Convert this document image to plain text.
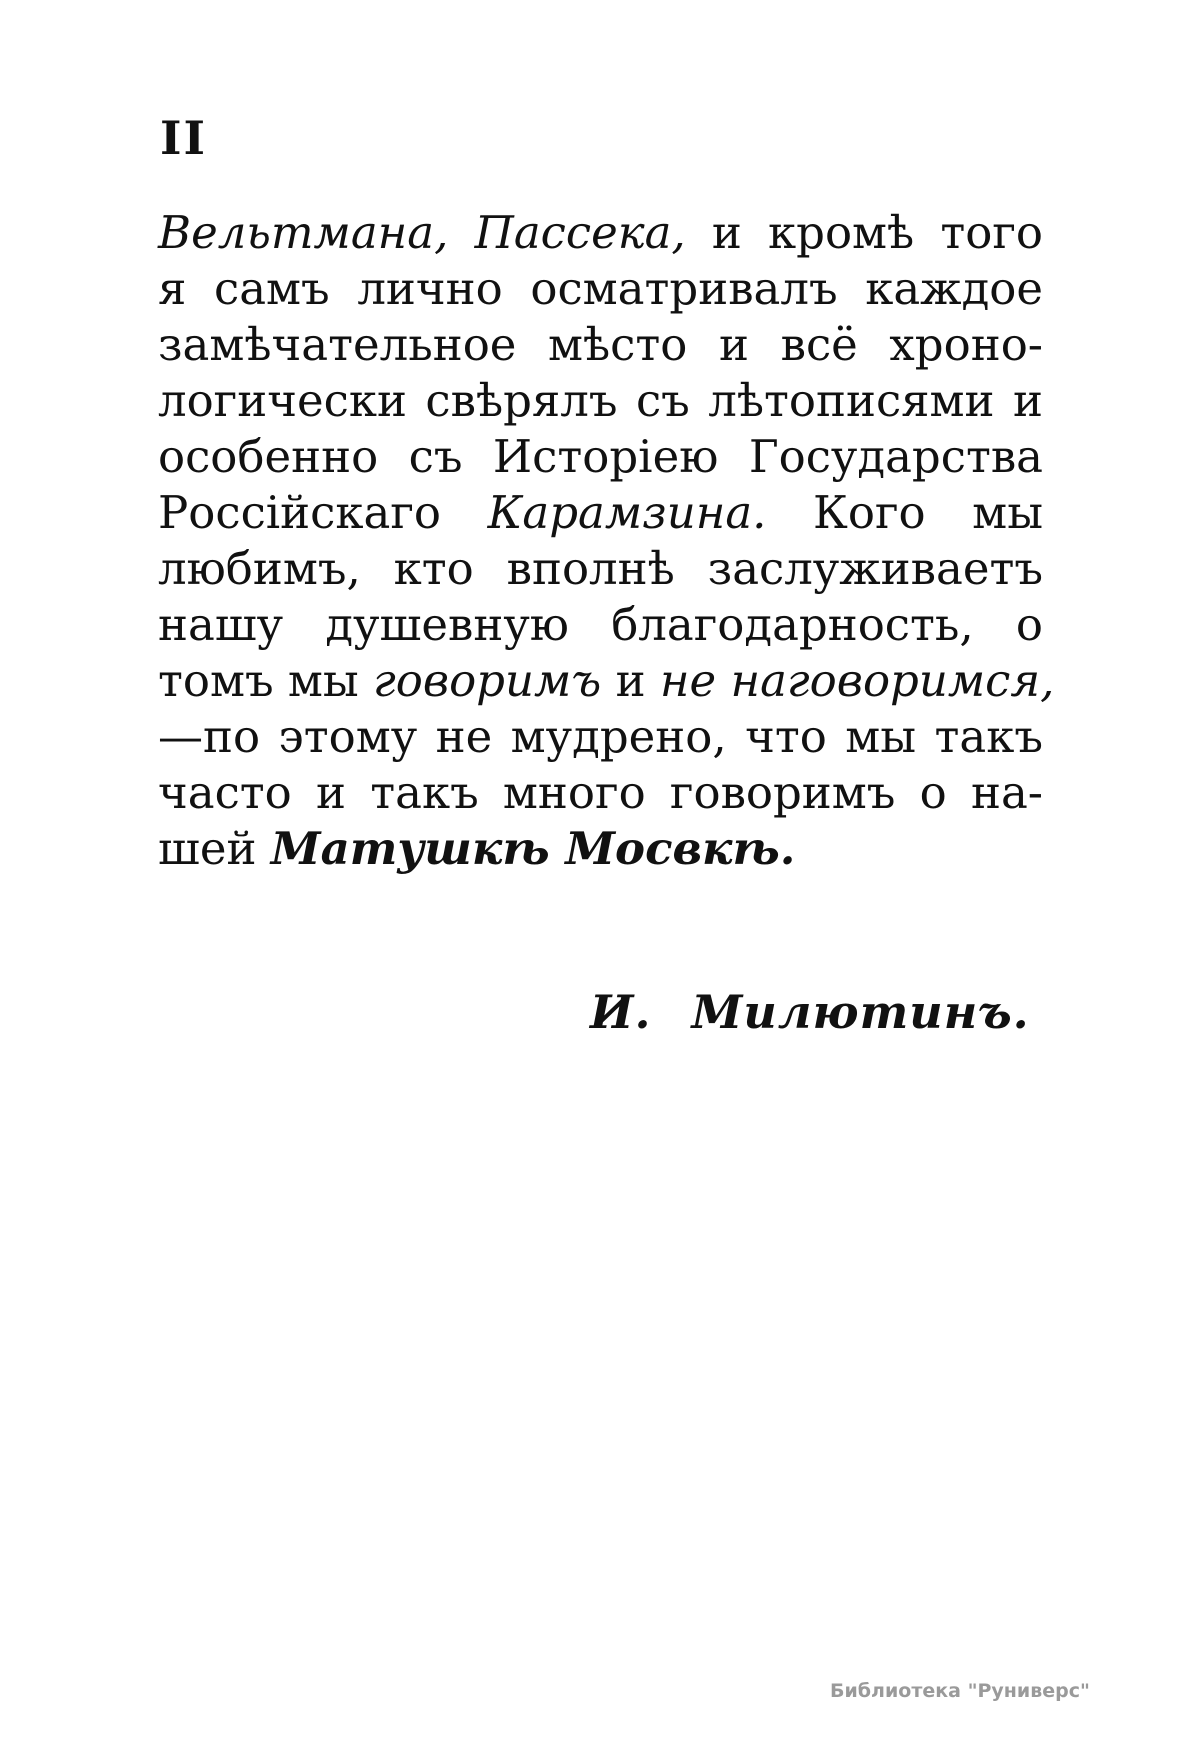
II
Вельтмана, Пассека, и кромѣ того
я самъ лично осматривалъ каждое
замѣчательное мѣсто и всё хроно-
логически свѣрялъ съ лѣтописями и
особенно съ Исторіею Государства
Россійскаго Карамзина. Кого мы
любимъ, кто вполнѣ заслуживаетъ
нашу душевную благодарность, о
томъ мы говоримъ и не наговоримся,
—по этому не мудрено, что мы такъ
часто и такъ много говоримъ о на-
шей Матушкѣ Мосвкѣ.
И. Милютинъ.
Библиотека "Руниверс"
